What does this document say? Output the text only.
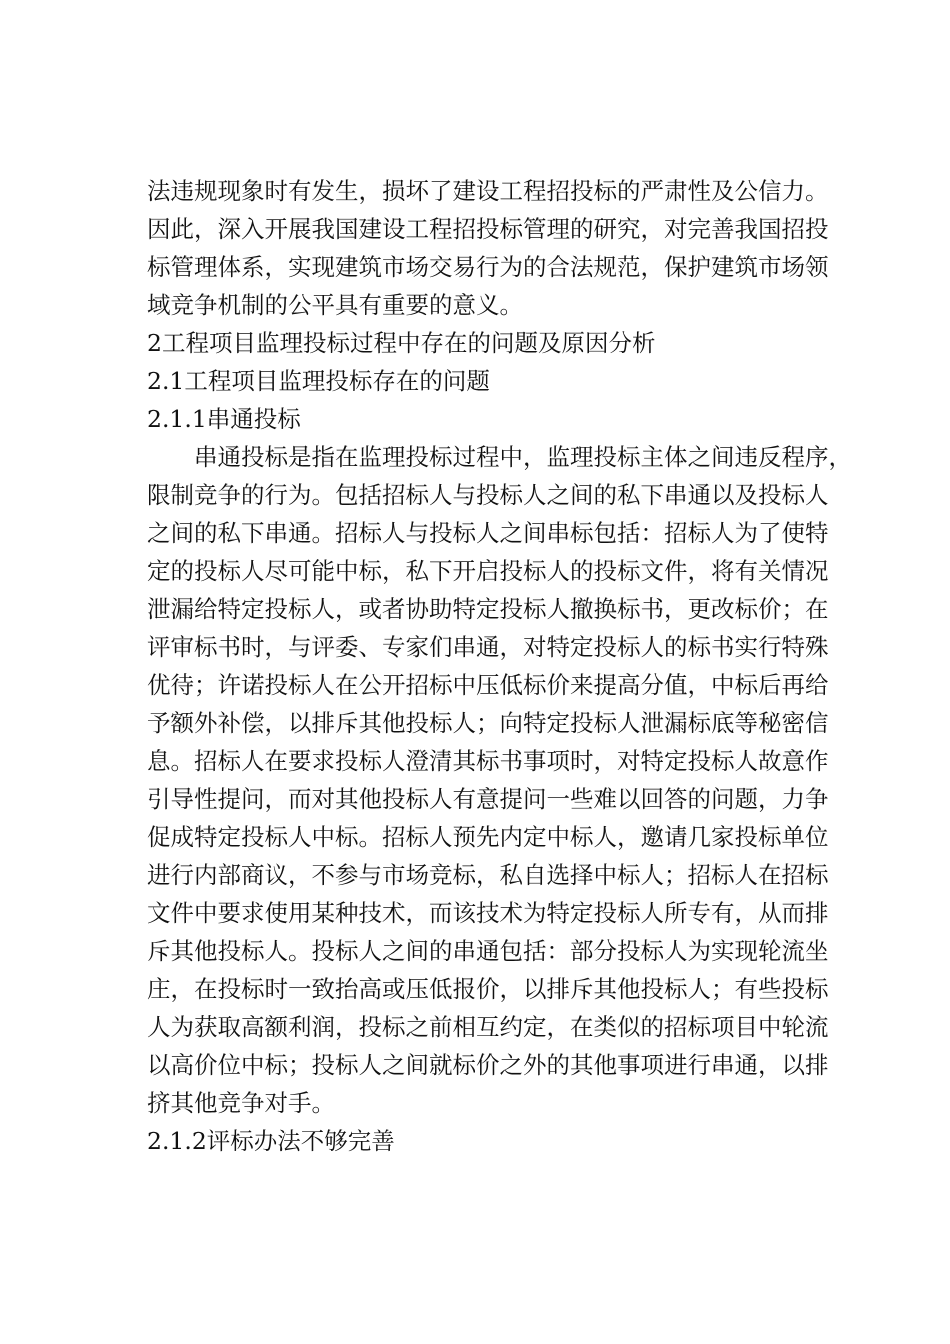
法违规现象时有发生，损坏了建设工程招投标的严肃性及公信力。
因此，深入开展我国建设工程招投标管理的研究，对完善我国招投
标管理体系，实现建筑市场交易行为的合法规范，保护建筑市场领
域竞争机制的公平具有重要的意义。
2工程项目监理投标过程中存在的问题及原因分析
2.1工程项目监理投标存在的问题
2.1.1串通投标
　　串通投标是指在监理投标过程中，监理投标主体之间违反程序，
限制竞争的行为。包括招标人与投标人之间的私下串通以及投标人
之间的私下串通。招标人与投标人之间串标包括：招标人为了使特
定的投标人尽可能中标，私下开启投标人的投标文件，将有关情况
泄漏给特定投标人，或者协助特定投标人撤换标书，更改标价；在
评审标书时，与评委、专家们串通，对特定投标人的标书实行特殊
优待；许诺投标人在公开招标中压低标价来提高分值，中标后再给
予额外补偿，以排斥其他投标人；向特定投标人泄漏标底等秘密信
息。招标人在要求投标人澄清其标书事项时，对特定投标人故意作
引导性提问，而对其他投标人有意提问一些难以回答的问题，力争
促成特定投标人中标。招标人预先内定中标人，邀请几家投标单位
进行内部商议，不参与市场竞标，私自选择中标人；招标人在招标
文件中要求使用某种技术，而该技术为特定投标人所专有，从而排
斥其他投标人。投标人之间的串通包括：部分投标人为实现轮流坐
庄，在投标时一致抬高或压低报价，以排斥其他投标人；有些投标
人为获取高额利润，投标之前相互约定，在类似的招标项目中轮流
以高价位中标；投标人之间就标价之外的其他事项进行串通，以排
挤其他竞争对手。
2.1.2评标办法不够完善
